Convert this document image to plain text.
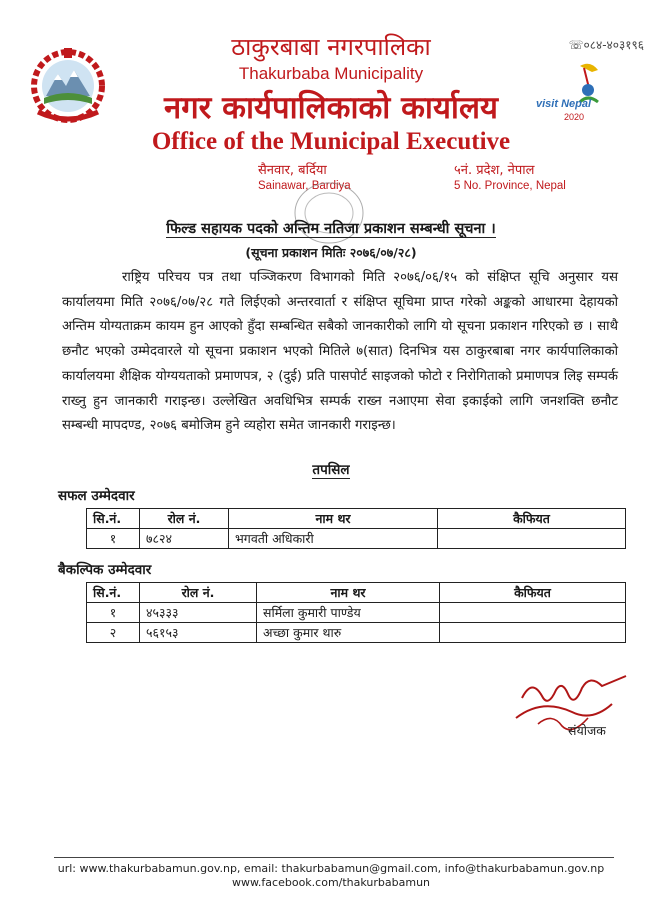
☏०८४-४०३१९६
ठाकुरबाबा नगरपालिका
Thakurbaba Municipality
नगर कार्यपालिकाको कार्यालय
Office of the Municipal Executive
visit Nepal
2020
सैनवार, बर्दिया
Sainawar, Bardiya
५नं. प्रदेश, नेपाल
5 No. Province, Nepal
फिल्ड सहायक पदको अन्तिम नतिजा प्रकाशन सम्बन्धी सूचना ।
(सूचना प्रकाशन मितिः २०७६/०७/२८)
राष्ट्रिय परिचय पत्र तथा पञ्जिकरण विभागको मिति २०७६/०६/१५ को संक्षिप्त सूचि अनुसार यस कार्यालयमा मिति २०७६/०७/२८ गते लिईएको अन्तरवार्ता र संक्षिप्त सूचिमा प्राप्त गरेको अङ्कको आधारमा देहायको अन्तिम योग्यताक्रम कायम हुन आएको हुँदा सम्बन्धित सबैको जानकारीको लागि यो सूचना प्रकाशन गरिएको छ । साथै छनौट भएको उम्मेदवारले यो सूचना प्रकाशन भएको मितिले ७(सात) दिनभित्र यस ठाकुरबाबा नगर कार्यपालिकाको कार्यालयमा शैक्षिक योग्ययताको प्रमाणपत्र, २ (दुई) प्रति पासपोर्ट साइजको फोटो र निरोगिताको प्रमाणपत्र लिइ सम्पर्क राख्नु हुन जानकारी गराइन्छ। उल्लेखित अवधिभित्र सम्पर्क राख्न नआएमा सेवा इकाईको लागि जनशक्ति छनौट सम्बन्धी मापदण्ड, २०७६ बमोजिम हुने व्यहोरा समेत जानकारी गराइन्छ।
तपसिल
सफल उम्मेदवार
सि.नं.	रोल नं.	नाम थर	कैफियत
१	७८२४	भगवती अधिकारी	
बैकल्पिक उम्मेदवार
सि.नं.	रोल नं.	नाम थर	कैफियत
१	४५३३३	सर्मिला कुमारी पाण्डेय	
२	५६१५३	अच्छा कुमार थारु	
संयोजक
url: www.thakurbabamun.gov.np, email: thakurbabamun@gmail.com, info@thakurbabamun.gov.np
www.facebook.com/thakurbabamun
